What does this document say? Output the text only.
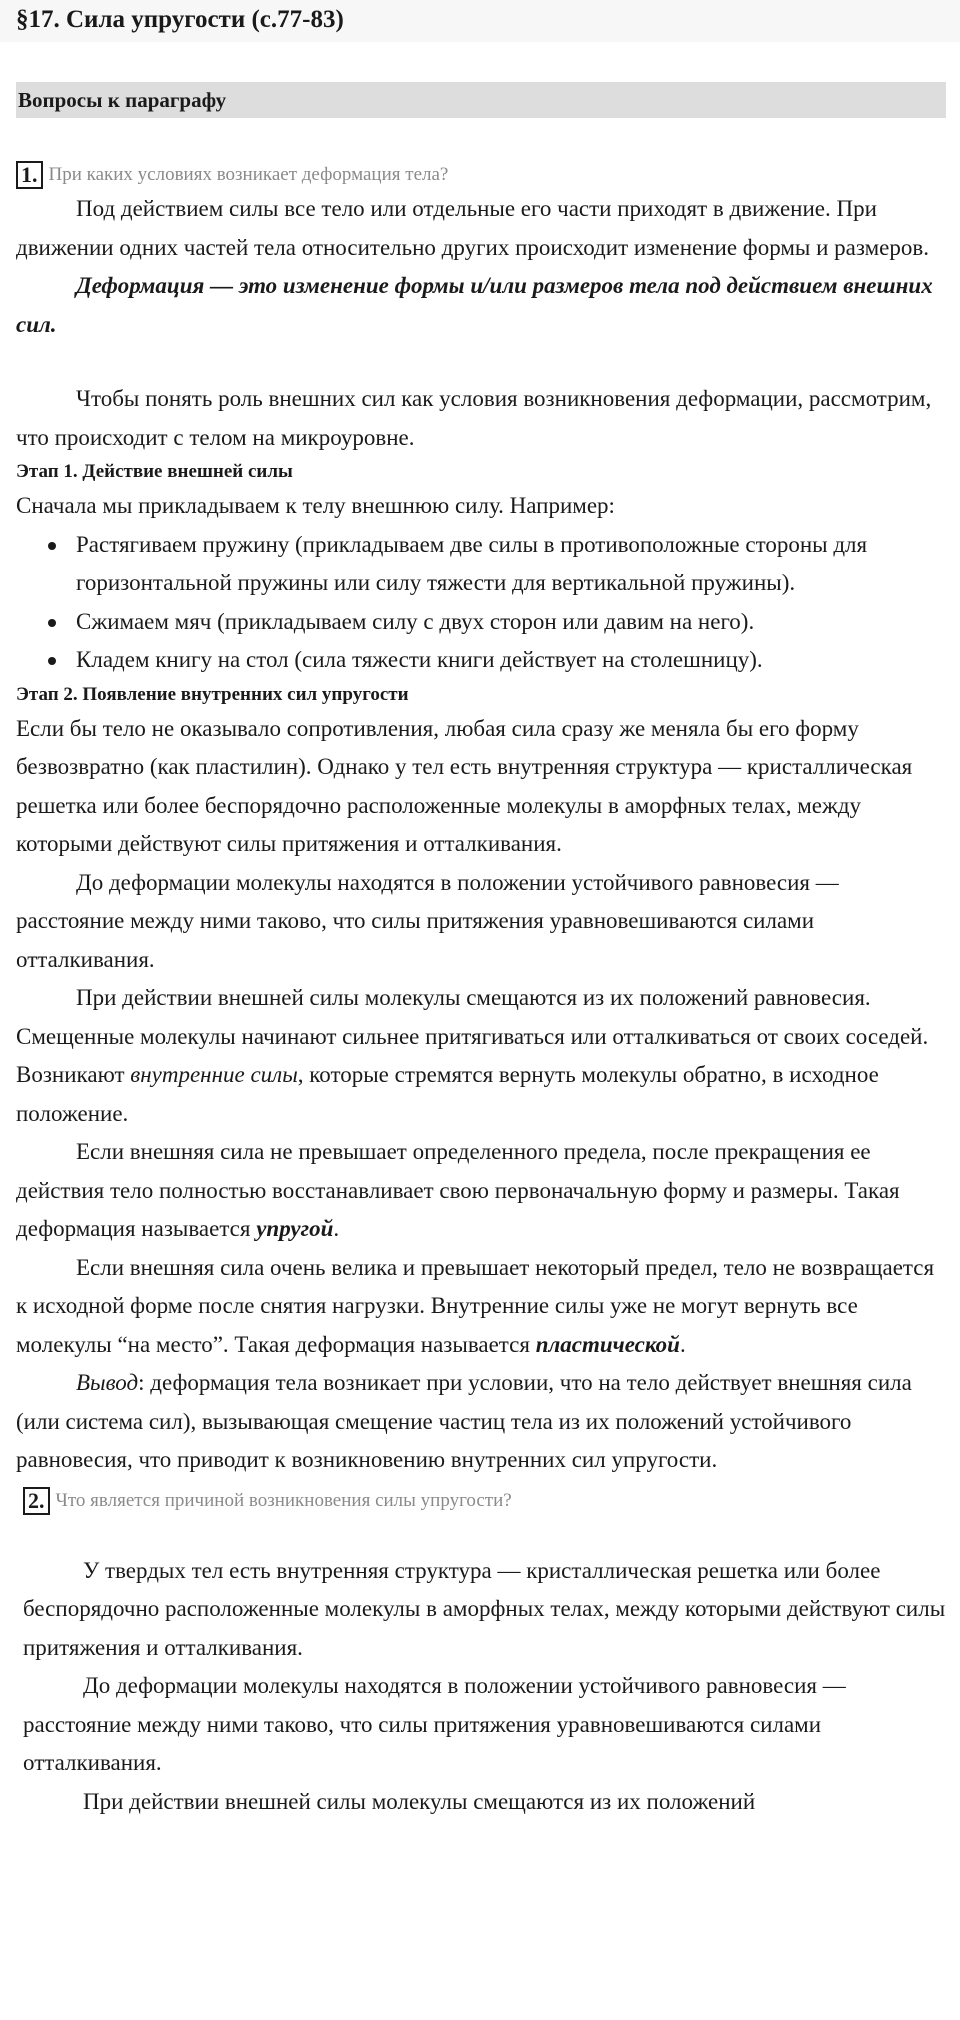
§17. Сила упругости (с.77-83)
Вопросы к параграфу
1. При каких условиях возникает деформация тела?

Под действием силы все тело или отдельные его части приходят в движение. При движении одних частей тела относительно других происходит изменение формы и размеров.

Деформация — это изменение формы и/или размеров тела под действием внешних сил.

Чтобы понять роль внешних сил как условия возникновения деформации, рассмотрим, что происходит с телом на микроуровне.

Этап 1. Действие внешней силы

Сначала мы прикладываем к телу внешнюю силу. Например:

Растягиваем пружину (прикладываем две силы в противоположные стороны для горизонтальной пружины или силу тяжести для вертикальной пружины).
Сжимаем мяч (прикладываем силу с двух сторон или давим на него).
Кладем книгу на стол (сила тяжести книги действует на столешницу).
Этап 2. Появление внутренних сил упругости

Если бы тело не оказывало сопротивления, любая сила сразу же меняла бы его форму безвозвратно (как пластилин). Однако у тел есть внутренняя структура — кристаллическая решетка или более беспорядочно расположенные молекулы в аморфных телах, между которыми действуют силы притяжения и отталкивания.

До деформации молекулы находятся в положении устойчивого равновесия — расстояние между ними таково, что силы притяжения уравновешиваются силами отталкивания.

При действии внешней силы молекулы смещаются из их положений равновесия. Смещенные молекулы начинают сильнее притягиваться или отталкиваться от своих соседей. Возникают внутренние силы, которые стремятся вернуть молекулы обратно, в исходное положение.

Если внешняя сила не превышает определенного предела, после прекращения ее действия тело полностью восстанавливает свою первоначальную форму и размеры. Такая деформация называется упругой.

Если внешняя сила очень велика и превышает некоторый предел, тело не возвращается к исходной форме после снятия нагрузки. Внутренние силы уже не могут вернуть все молекулы “на место”. Такая деформация называется пластической.

Вывод: деформация тела возникает при условии, что на тело действует внешняя сила (или система сил), вызывающая смещение частиц тела из их положений устойчивого равновесия, что приводит к возникновению внутренних сил упругости.

2. Что является причиной возникновения силы упругости?

У твердых тел есть внутренняя структура — кристаллическая решетка или более беспорядочно расположенные молекулы в аморфных телах, между которыми действуют силы притяжения и отталкивания.

До деформации молекулы находятся в положении устойчивого равновесия — расстояние между ними таково, что силы притяжения уравновешиваются силами отталкивания.

При действии внешней силы молекулы смещаются из их положений
